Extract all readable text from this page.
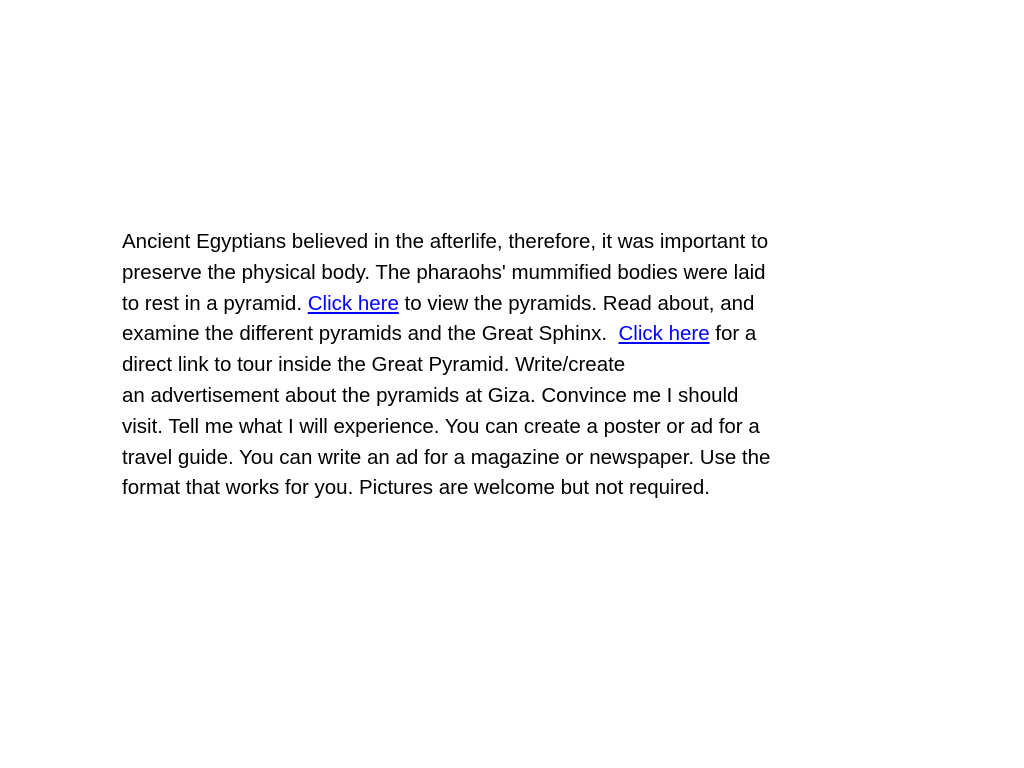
Ancient Egyptians believed in the afterlife, therefore, it was important to
preserve the physical body. The pharaohs' mummified bodies were laid
to rest in a pyramid. Click here to view the pyramids. Read about, and
examine the different pyramids and the Great Sphinx.  Click here for a
direct link to tour inside the Great Pyramid. Write/create
an advertisement about the pyramids at Giza. Convince me I should
visit. Tell me what I will experience. You can create a poster or ad for a
travel guide. You can write an ad for a magazine or newspaper. Use the
format that works for you. Pictures are welcome but not required.
